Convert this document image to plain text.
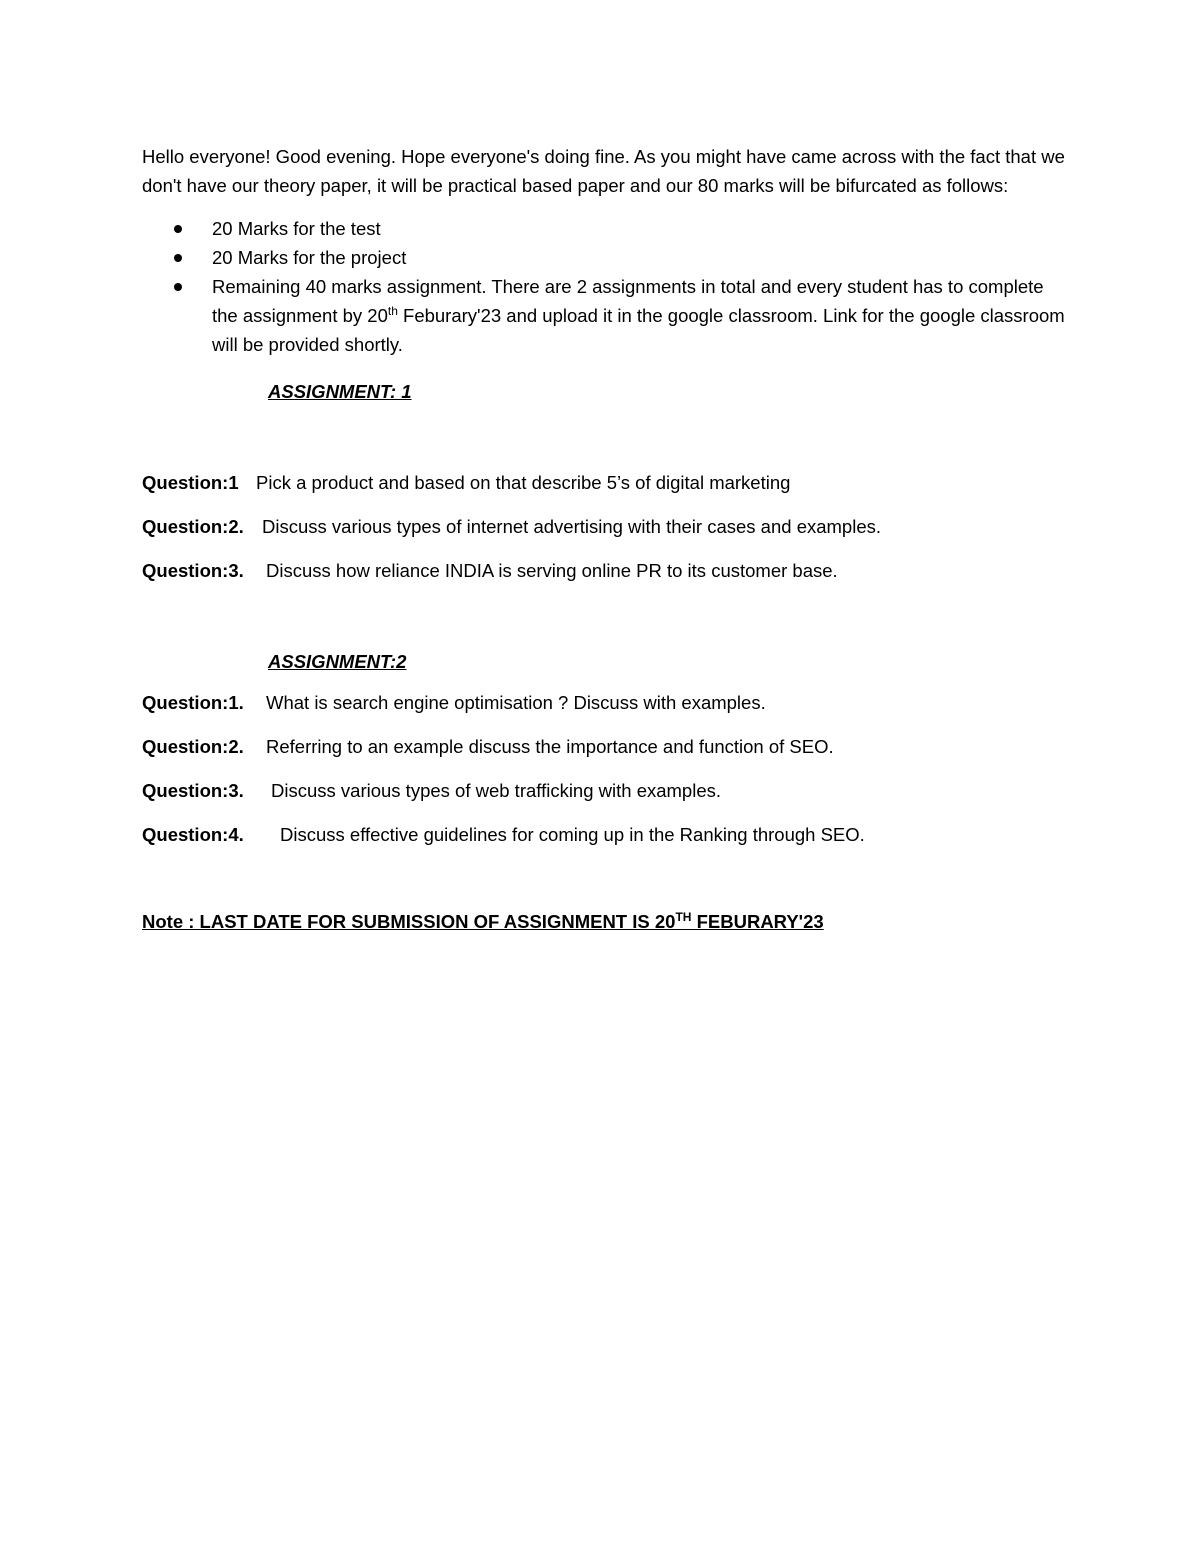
Hello everyone! Good evening. Hope everyone's doing fine. As you might have came across with the fact that we don't have our theory paper, it will be practical based paper and our 80 marks will be bifurcated as follows:

20 Marks for the test
20 Marks for the project
Remaining 40 marks assignment. There are 2 assignments in total and every student has to complete the assignment by 20th Feburary'23 and upload it in the google classroom. Link for the google classroom will be provided shortly.

ASSIGNMENT: 1

Question:1 Pick a product and based on that describe 5’s of digital marketing

Question:2. Discuss various types of internet advertising with their cases and examples.

Question:3. Discuss how reliance INDIA is serving online PR to its customer base.

ASSIGNMENT:2

Question:1. What is search engine optimisation ? Discuss with examples.

Question:2. Referring to an example discuss the importance and function of SEO.

Question:3. Discuss various types of web trafficking with examples.

Question:4. Discuss effective guidelines for coming up in the Ranking through SEO.

Note : LAST DATE FOR SUBMISSION OF ASSIGNMENT IS 20TH FEBURARY'23
